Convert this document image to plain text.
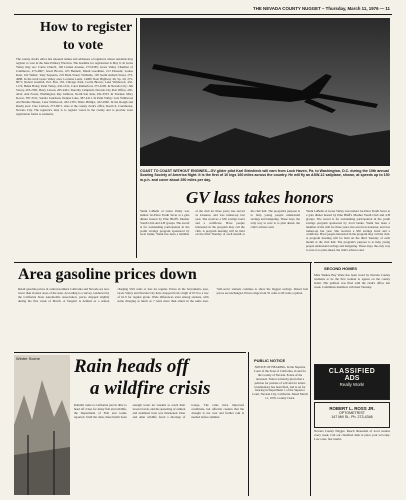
THE NEVADA COUNTY NUGGET – Thursday, March 11, 1976 — 11
How to register
to vote
The county clerk's office has released names and addresses of registrars whose residents may register to vote in the June Primary Election. The deadline for registration is May 6. In Grass Valley they are: Carrie Church, 106 Linden Avenue, 273-0365; Grass Valley Chamber of Commerce, 273-4667; Jewel Brown, 223 Bennett; Dinah Goodman, 213 Pleasant; Louise Kent, 102 Waller; Tony Sequeira, 219 Main Street; Williams, 105 South Auburn Street, 273-4988. In the rural Grass Valley area: Lorraine Lentz, 14009 State Highway 49, Sp. 29, 273-8071; Robert Grenfell, P.O. Box 159, Chicago Park; Cecile Brown, Lake Wildwood, 432-1174; Helen Haley, Penn Valley, 432-1231; Carol Rutherford, 273-2209. In Nevada City: Jim Stacey, 265-2581; Betty Carson, 265-2461; Dorothy Campbell, Nevada City Post Office, 265-4241; Ann Foster, Washington; Ray Gilmore, North San Juan, 292-3333. In Truckee: Mary Kovac, 587-3511; Sandra Lauritsen, Donner Lake, 587-4411. In Penn Valley: Lois Wildwood and Bonnie Hauser, Lake Wildwood, 432-1355; Dixie Phillips, 432-2060. In the Rough and Ready area: Cleo Carlson, 273-0971. Also at the county clerk's office, Room 6, Courthouse, Nevada City. The registrar's duty is to register voters in the county and to provide voter registration forms to residents.
COAST TO COAST WITHOUT ENGINES—GV glider pilot Karl Striedieck will earn from Lock Haven, Pa. to Washington, D.C. during the 10th annual Soaring Society of America flight. It is the first of 10 legs 160 miles across the country. He will fly an ASW-12 sailplane, shown, at speeds up to 150 m.p.h. and cover about 250 miles per day.
GV lass takes honors
Yanni LaBelle of Grass Valley was named 1st-Place Youth Saver at a gala dinner hosted by Pine Bluff's Mosher Youth Club and 4-H groups. The award is for outstanding participation in the youth savings program sponsored by local banks. Yanni has been a member of the club for three years, has served as treasurer, and was runner-up last year. She receives a $50 savings bond and a certificate. Have people interested in the program may call the club. A program meeting will be held on the third Tuesday of each month at the club hall. The program's purpose is to help young people understand savings and budgeting. These days, the only way to save is to plan ahead, the club's advisor said.
Yanni LaBelle of Grass Valley was named 1st-Place Youth Saver at a gala dinner hosted by Pine Bluff's Mosher Youth Club and 4-H groups. The award is for outstanding participation in the youth savings program sponsored by local banks. Yanni has been a member of the club for three years, has served as treasurer, and was runner-up last year. She receives a $50 savings bond and a certificate. Have people interested in the program may call the club. A program meeting will be held on the third Tuesday of each month at the club hall. The program's purpose is to help young people understand savings and budgeting. These days, the only way to save is to plan ahead, the club's advisor said.
Area gasoline prices down
Retail gasoline prices in central-northern California and Nevada are now lower than in most areas of the state. According to a survey conducted by the California State Automobile Association, prices dropped slightly during the first week of March. A 'bargain' is defined as a station charging 59.9 cents or less for regular. Prices in the Sacramento area, Grass Valley and Nevada City have dropped from a high of 67.9 to a low of 61.9 for regular grade. Wide differences exist among stations, with some charging as much as 7 cents more than others in the same area. 'Self-serve' stations continue to show the biggest savings. Diesel fuel prices are unchanged. Prices range from 55 cents to 60 cents a gallon.
Winter Scene Rain heads off
a wildfire crisis
Rainfall came to California just in time to head off crises for many fish and wildlife, the Department of Fish and Game reported. Until the rains, there hadn't been enough water for streams to reach their lowest levels, and the spawning of salmon and steelhead trout was threatened. Deer and other wildlife faced a shortage of forage. The rains have improved conditions, but officials caution that the drought is not over and further rain is needed before summer.
PUBLIC NOTICE
NOTICE OF HEARING. In the Superior Court of the State of California, in and for the County of Nevada. Estate of the deceased. Notice is hereby given that a petition for probate of will and for letters testamentary has been filed, and is set for hearing in Department 1 of the Superior Court, Nevada City, California. Dated March 11, 1976. County Clerk.
SECOND HOMES
Miss Yankee Bay Wade has been voted by Nevada County residents to be the first woman to appear on the county ballot. Her petition was filed with the clerk's office last week. Committee members will meet Tuesday.
CLASSIFIED
ADS
Really Work!
ROBERT L. ROSS JR.
OPTOMETRIST
147 Mill St., Ph. 273-4346
Nevada County Nugget. Reach thousands of local readers every week. Call our classified desk to place your ad today. Low rates, fast results.
